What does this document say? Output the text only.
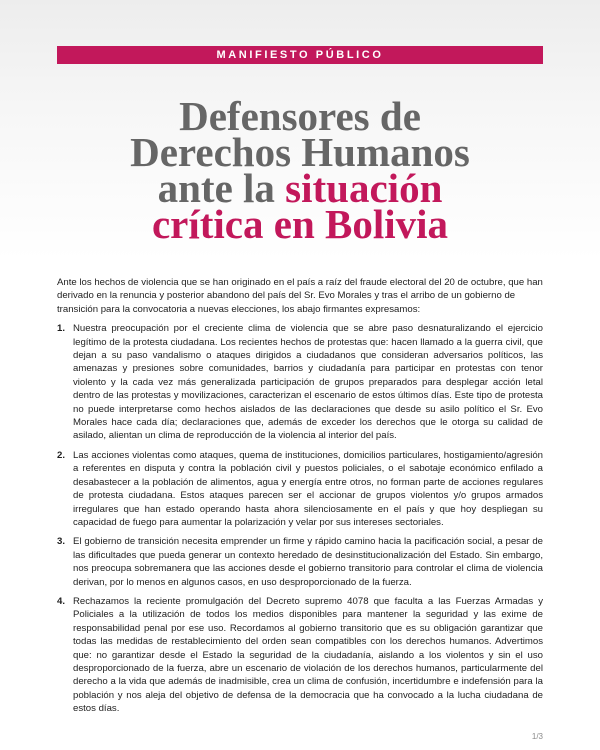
MANIFIESTO PÚBLICO
Defensores de
Derechos Humanos
ante la situación
crítica en Bolivia

Ante los hechos de violencia que se han originado en el país a raíz del fraude electoral del 20 de octubre, que han derivado en la renuncia y posterior abandono del país del Sr. Evo Morales y tras el arribo de un gobierno de transición para la convocatoria a nuevas elecciones, los abajo firmantes expresamos:

1. Nuestra preocupación por el creciente clima de violencia que se abre paso desnaturalizando el ejercicio legítimo de la protesta ciudadana. Los recientes hechos de protestas que: hacen llamado a la guerra civil, que dejan a su paso vandalismo o ataques dirigidos a ciudadanos que consideran adversarios políticos, las amenazas y presiones sobre comunidades, barrios y ciudadanía para participar en protestas con tenor violento y la cada vez más generalizada participación de grupos preparados para desplegar acción letal dentro de las protestas y movilizaciones, caracterizan el escenario de estos últimos días. Este tipo de protesta no puede interpretarse como hechos aislados de las declaraciones que desde su asilo político el Sr. Evo Morales hace cada día; declaraciones que, además de exceder los derechos que le otorga su calidad de asilado, alientan un clima de reproducción de la violencia al interior del país.
2. Las acciones violentas como ataques, quema de instituciones, domicilios particulares, hostigamiento/agresión a referentes en disputa y contra la población civil y puestos policiales, o el sabotaje económico enfilado a desabastecer a la población de alimentos, agua y energía entre otros, no forman parte de acciones regulares de protesta ciudadana. Estos ataques parecen ser el accionar de grupos violentos y/o grupos armados irregulares que han estado operando hasta ahora silenciosamente en el país y que hoy despliegan su capacidad de fuego para aumentar la polarización y velar por sus intereses sectoriales.
3. El gobierno de transición necesita emprender un firme y rápido camino hacia la pacificación social, a pesar de las dificultades que pueda generar un contexto heredado de desinstitucionalización del Estado. Sin embargo, nos preocupa sobremanera que las acciones desde el gobierno transitorio para controlar el clima de violencia derivan, por lo menos en algunos casos, en uso desproporcionado de la fuerza.
4. Rechazamos la reciente promulgación del Decreto supremo 4078 que faculta a las Fuerzas Armadas y Policiales a la utilización de todos los medios disponibles para mantener la seguridad y las exime de responsabilidad penal por ese uso. Recordamos al gobierno transitorio que es su obligación garantizar que todas las medidas de restablecimiento del orden sean compatibles con los derechos humanos. Advertimos que: no garantizar desde el Estado la seguridad de la ciudadanía, aislando a los violentos y sin el uso desproporcionado de la fuerza, abre un escenario de violación de los derechos humanos, particularmente del derecho a la vida que además de inadmisible, crea un clima de confusión, incertidumbre e indefensión para la población y nos aleja del objetivo de defensa de la democracia que ha convocado a la lucha ciudadana de estos días.
1/3
